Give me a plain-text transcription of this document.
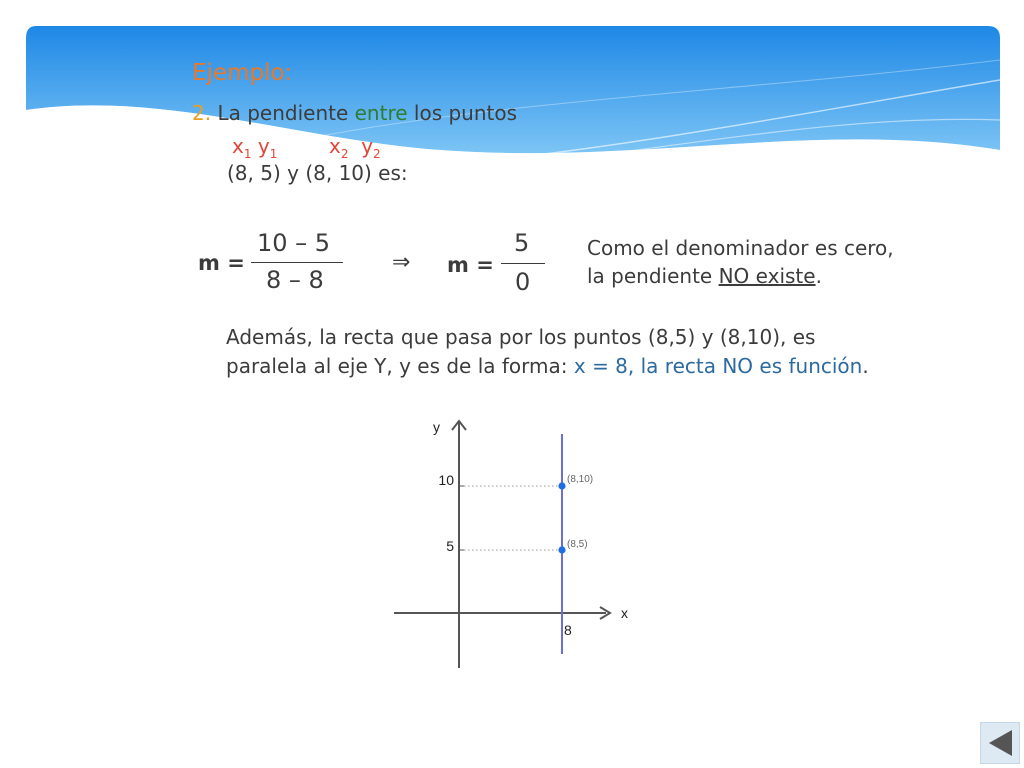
Ejemplo:
2. La pendiente entre los puntos
$x_1$ $y_1$	$x_2$ $y_2$
(8, 5) y (8, 10) es:
m =
10 – 5
8 – 8
⇒ m =
5
0
Como el denominador es cero,
la pendiente NO existe.
Además, la recta que pasa por los puntos (8,5) y (8,10), es
paralela al eje Y, y es de la forma: x = 8, la recta NO es función.
y
x
10
5
8
(8,10)
(8,5)
